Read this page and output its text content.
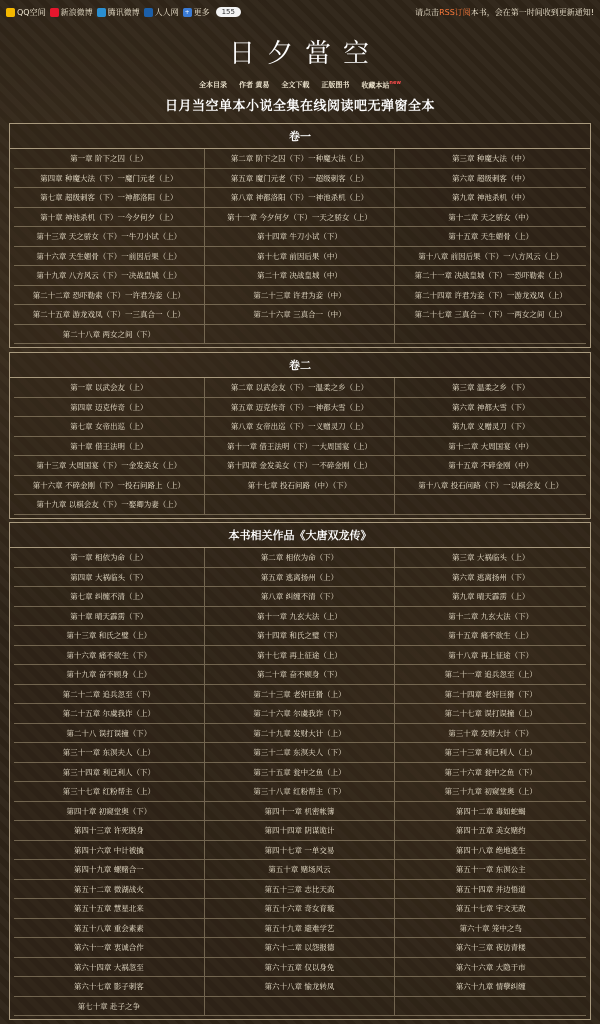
QQ空间 新浪微博 腾讯微博 人人网 + 更多	155	请点击RSS订阅本书，会在第一时间收到更新通知!
日 夕 當 空
全本目录 作者 黄易 全文下载 正版图书 收藏本站$^{new}$
日月当空单本小说全集在线阅读吧无弹窗全本
卷一
第一章 阶下之囚（上）	第二章 阶下之囚（下）一种魔大法（上）	第三章 种魔大法（中）
第四章 种魔大法（下）一魔门元老（上）	第五章 魔门元老（下）一超级刺客（上）	第六章 超级刺客（中）
第七章 超级刺客（下）一神都洛阳（上）	第八章 神都洛阳（下）一神池杀机（上）	第九章 神池杀机（中）
第十章 神池杀机（下）一今夕何夕（上）	第十一章 今夕何夕（下）一天之骄女（上）	第十二章 天之骄女（中）
第十三章 天之骄女（下）一牛刀小试（上）	第十四章 牛刀小试（下）	第十五章 天生媚骨（上）
第十六章 天生媚骨（下）一前因后果（上）	第十七章 前因后果（中）	第十八章 前因后果（下）一八方风云（上）
第十九章 八方风云（下）一决战皇城（上）	第二十章 决战皇城（中）	第二十一章 决战皇城（下）一恐吓勒索（上）
第二十二章 恐吓勒索（下）一许君为妾（上）	第二十三章 许君为妾（中）	第二十四章 许君为妾（下）一游龙戏凤（上）
第二十五章 游龙戏凤（下）一三真合一（上）	第二十六章 三真合一（中）	第二十七章 三真合一（下）一两女之间（上）
第二十八章 两女之间（下）
卷二
第一章 以武会友（上）	第二章 以武会友（下）一温柔之乡（上）	第三章 温柔之乡（下）
第四章 迈克传奇（上）	第五章 迈克传奇（下）一神都大雪（上）	第六章 神都大雪（下）
第七章 女帝出巡（上）	第八章 女帝出巡（下）一义赠灵刀（上）	第九章 义赠灵刀（下）
第十章 借王法明（上）	第十一章 借王法明（下）一大周国宴（上）	第十二章 大周国宴（中）
第十三章 大周国宴（下）一金发美女（上）	第十四章 金发美女（下）一不碎金刚（上）	第十五章 不碎金刚（中）
第十六章 不碎金刚（下）一投石问路上（上）	第十七章 投石问路（中）（下）	第十八章 投石问路（下）一以棋会友（上）
第十九章 以棋会友（下）一娶卿为妻（上）
本书相关作品《大唐双龙传》
第一章 相依为命（上）	第二章 相依为命（下）	第三章 大祸临头（上）
第四章 大祸临头（下）	第五章 逃离扬州（上）	第六章 逃离扬州（下）
第七章 纠缠不清（上）	第八章 纠缠不清（下）	第九章 晴天霹雳（上）
第十章 晴天霹雳（下）	第十一章 九玄大法（上）	第十二章 九玄大法（下）
第十三章 和氏之璧（上）	第十四章 和氏之璧（下）	第十五章 痛不欲生（上）
第十六章 痛不欲生（下）	第十七章 再上征途（上）	第十八章 再上征途（下）
第十九章 奋不顾身（上）	第二十章 奋不顾身（下）	第二十一章 追兵忽至（上）
第二十二章 追兵忽至（下）	第二十三章 老奸巨猾（上）	第二十四章 老奸巨猾（下）
第二十五章 尔虞我诈（上）	第二十六章 尔虞我诈（下）	第二十七章 误打误撞（上）
第二十八 误打误撞（下）	第二十九章 发财大计（上）	第三十章 发财大计（下）
第三十一章 东溟夫人（上）	第三十二章 东溟夫人（下）	第三十三章 利己利人（上）
第三十四章 利己利人（下）	第三十五章 瓮中之鱼（上）	第三十六章 瓮中之鱼（下）
第三十七章 红粉帮主（上）	第三十八章 红粉帮主（下）	第三十九章 初窥堂奥（上）
第四十章 初窥堂奥（下）	第四十一章 机密帐簿	第四十二章 毒如蛇蝎
第四十三章 许死脱身	第四十四章 阴谋诡计	第四十五章 美女赌约
第四十六章 中计被擒	第四十七章 一单交易	第四十八章 绝地逃生
第四十九章 螺赌合一	第五十章 赌场风云	第五十一章 东溟公主
第五十二章 微湖战火	第五十三章 志比天高	第五十四章 并边悟道
第五十五章 慧星北来	第五十六章 奇女育璇	第五十七章 宇文无敌
第五十八章 重会素素	第五十九章 避难学艺	第六十章 笼中之鸟
第六十一章 衷诚合作	第六十二章 以怨报德	第六十三章 夜访青楼
第六十四章 大祸忽至	第六十五章 仅以身免	第六十六章 大隐于市
第六十七章 影子刺客	第六十八章 愉龙转凤	第六十九章 情孽纠缠
第七十章 赴子之争
